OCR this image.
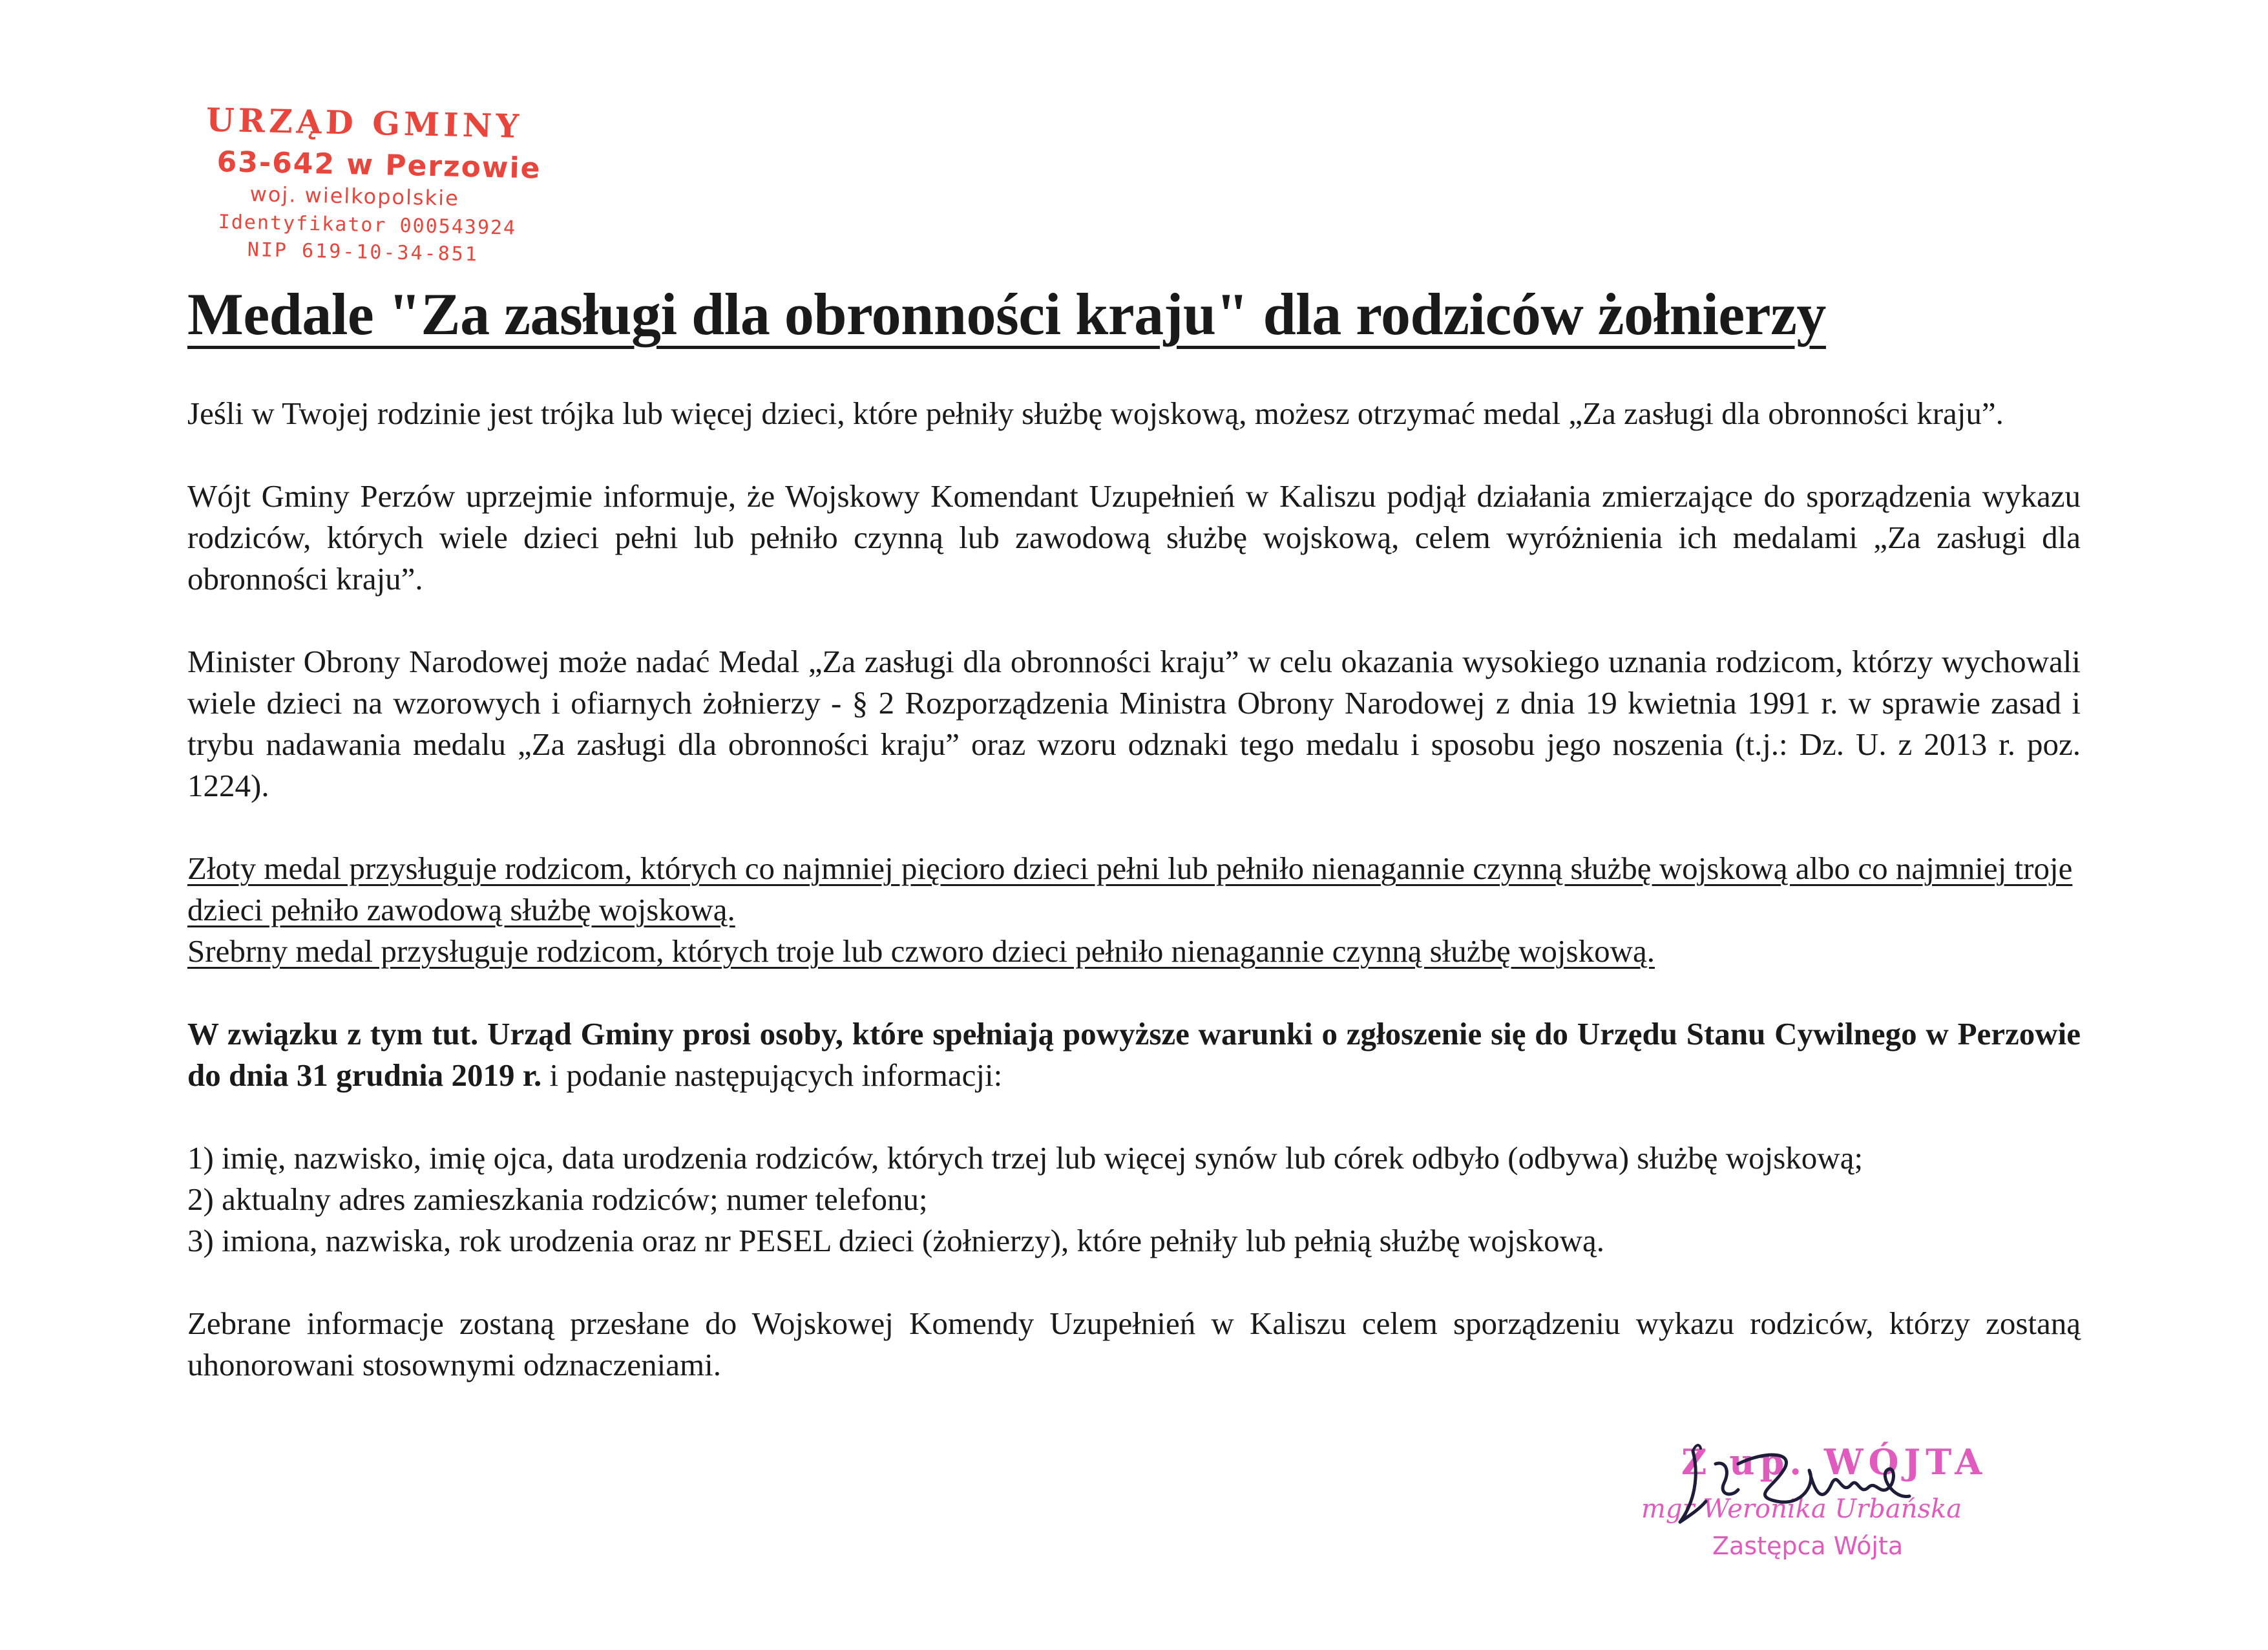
URZĄD GMINY
63-642 w Perzowie
woj. wielkopolskie
Identyfikator 000543924
NIP 619-10-34-851
Medale "Za zasługi dla obronności kraju" dla rodziców żołnierzy

Jeśli w Twojej rodzinie jest trójka lub więcej dzieci, które pełniły służbę wojskową, możesz otrzymać medal „Za zasługi dla obronności kraju”.

Wójt Gminy Perzów uprzejmie informuje, że Wojskowy Komendant Uzupełnień w Kaliszu podjął działania zmierzające do sporządzenia wykazu rodziców, których wiele dzieci pełni lub pełniło czynną lub zawodową służbę wojskową, celem wyróżnienia ich medalami „Za zasługi dla obronności kraju”.

Minister Obrony Narodowej może nadać Medal „Za zasługi dla obronności kraju” w celu okazania wysokiego uznania rodzicom, którzy wychowali wiele dzieci na wzorowych i ofiarnych żołnierzy - § 2 Rozporządzenia Ministra Obrony Narodowej z dnia 19 kwietnia 1991 r. w sprawie zasad i trybu nadawania medalu „Za zasługi dla obronności kraju” oraz wzoru odznaki tego medalu i sposobu jego noszenia (t.j.: Dz. U. z 2013 r. poz. 1224).

Złoty medal przysługuje rodzicom, których co najmniej pięcioro dzieci pełni lub pełniło nienagannie czynną służbę wojskową albo co najmniej troje dzieci pełniło zawodową służbę wojskową.

Srebrny medal przysługuje rodzicom, których troje lub czworo dzieci pełniło nienagannie czynną służbę wojskową.

W związku z tym tut. Urząd Gminy prosi osoby, które spełniają powyższe warunki o zgłoszenie się do Urzędu Stanu Cywilnego w Perzowie do dnia 31 grudnia 2019 r. i podanie następujących informacji:

1) imię, nazwisko, imię ojca, data urodzenia rodziców, których trzej lub więcej synów lub córek odbyło (odbywa) służbę wojskową;

2) aktualny adres zamieszkania rodziców; numer telefonu;

3) imiona, nazwiska, rok urodzenia oraz nr PESEL dzieci (żołnierzy), które pełniły lub pełnią służbę wojskową.

Zebrane informacje zostaną przesłane do Wojskowej Komendy Uzupełnień w Kaliszu celem sporządzeniu wykazu rodziców, którzy zostaną uhonorowani stosownymi odznaczeniami.

Z up. WÓJTA
mgr Weronika Urbańska
Zastępca Wójta
